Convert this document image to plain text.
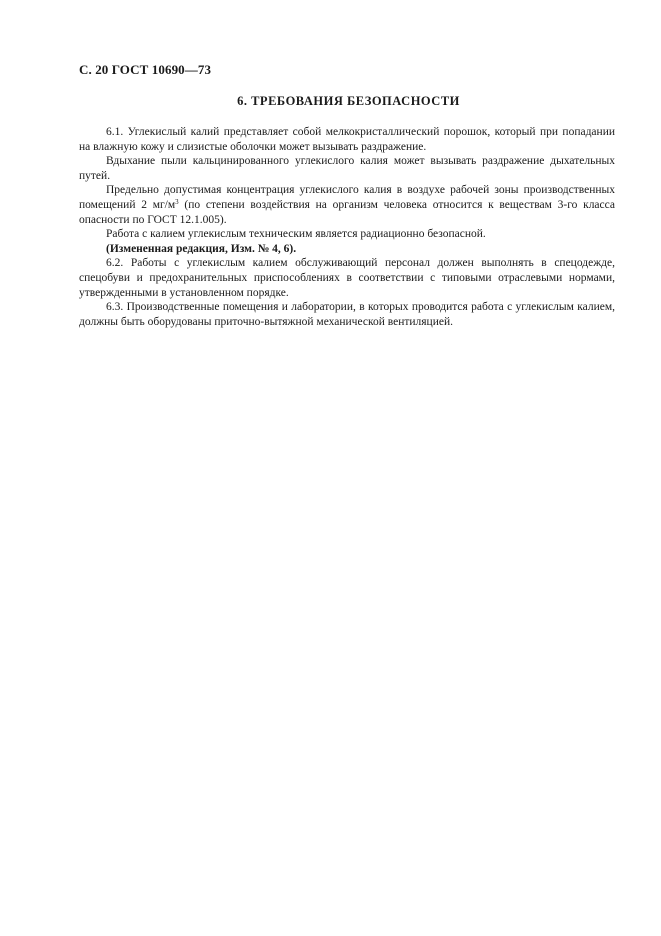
С. 20 ГОСТ 10690—73
6. ТРЕБОВАНИЯ БЕЗОПАСНОСТИ

6.1. Углекислый калий представляет собой мелкокристаллический порошок, который при попадании на влажную кожу и слизистые оболочки может вызывать раздражение.

Вдыхание пыли кальцинированного углекислого калия может вызывать раздражение дыхательных путей.

Предельно допустимая концентрация углекислого калия в воздухе рабочей зоны производственных помещений 2 $мг/м^3$ (по степени воздействия на организм человека относится к веществам 3-го класса опасности по ГОСТ 12.1.005).

Работа с калием углекислым техническим является радиационно безопасной.

(Измененная редакция, Изм. № 4, 6).

6.2. Работы с углекислым калием обслуживающий персонал должен выполнять в спецодежде, спецобуви и предохранительных приспособлениях в соответствии с типовыми отраслевыми нормами, утвержденными в установленном порядке.

6.3. Производственные помещения и лаборатории, в которых проводится работа с углекислым калием, должны быть оборудованы приточно-вытяжной механической вентиляцией.
